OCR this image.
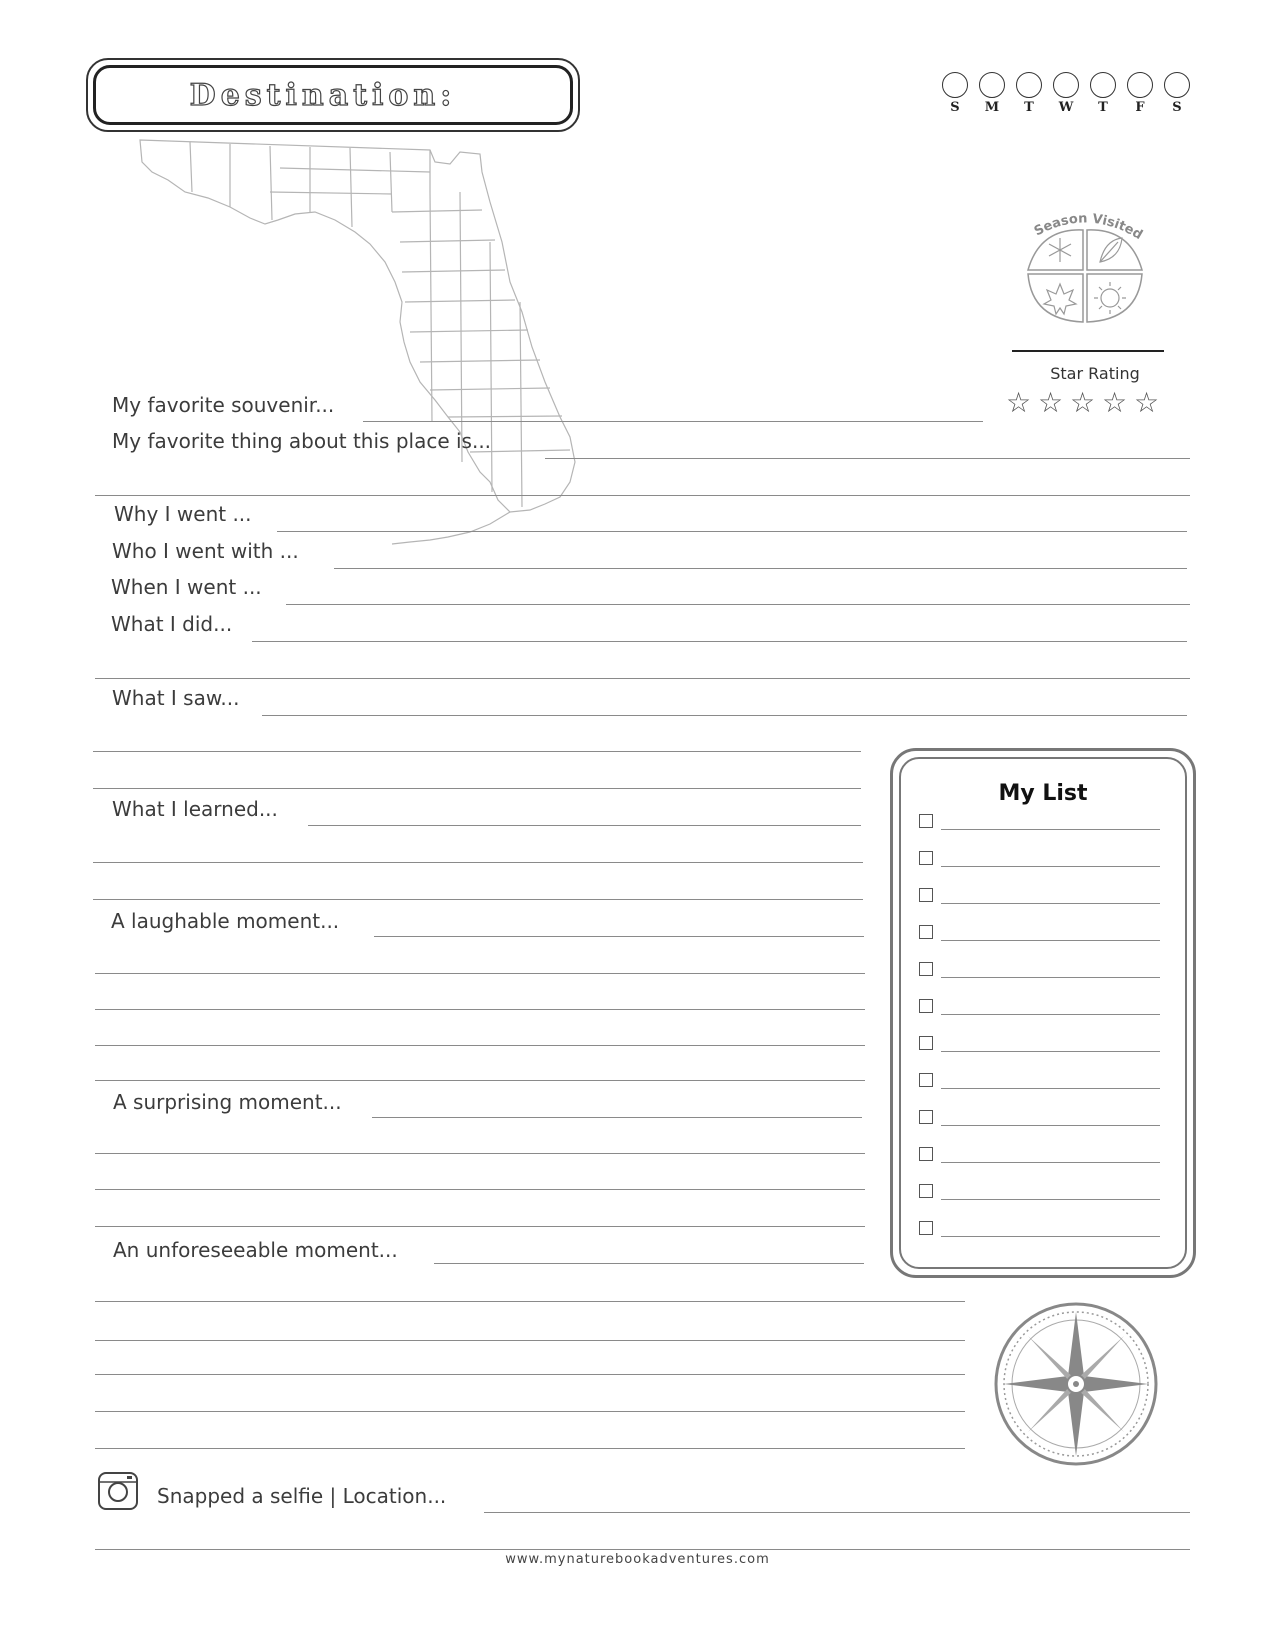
Destination:	S	M	T	W	T	F	S
Season Visited
Star Rating
☆ ☆ ☆ ☆ ☆
My favorite souvenir...
My favorite thing about this place is...
Why I went ...
Who I went with ...
When I went ...
What I did...
What I saw...
What I learned...
A laughable moment...
A surprising moment...
An unforeseeable moment...
My List
Snapped a selfie | Location...
www.mynaturebookadventures.com
